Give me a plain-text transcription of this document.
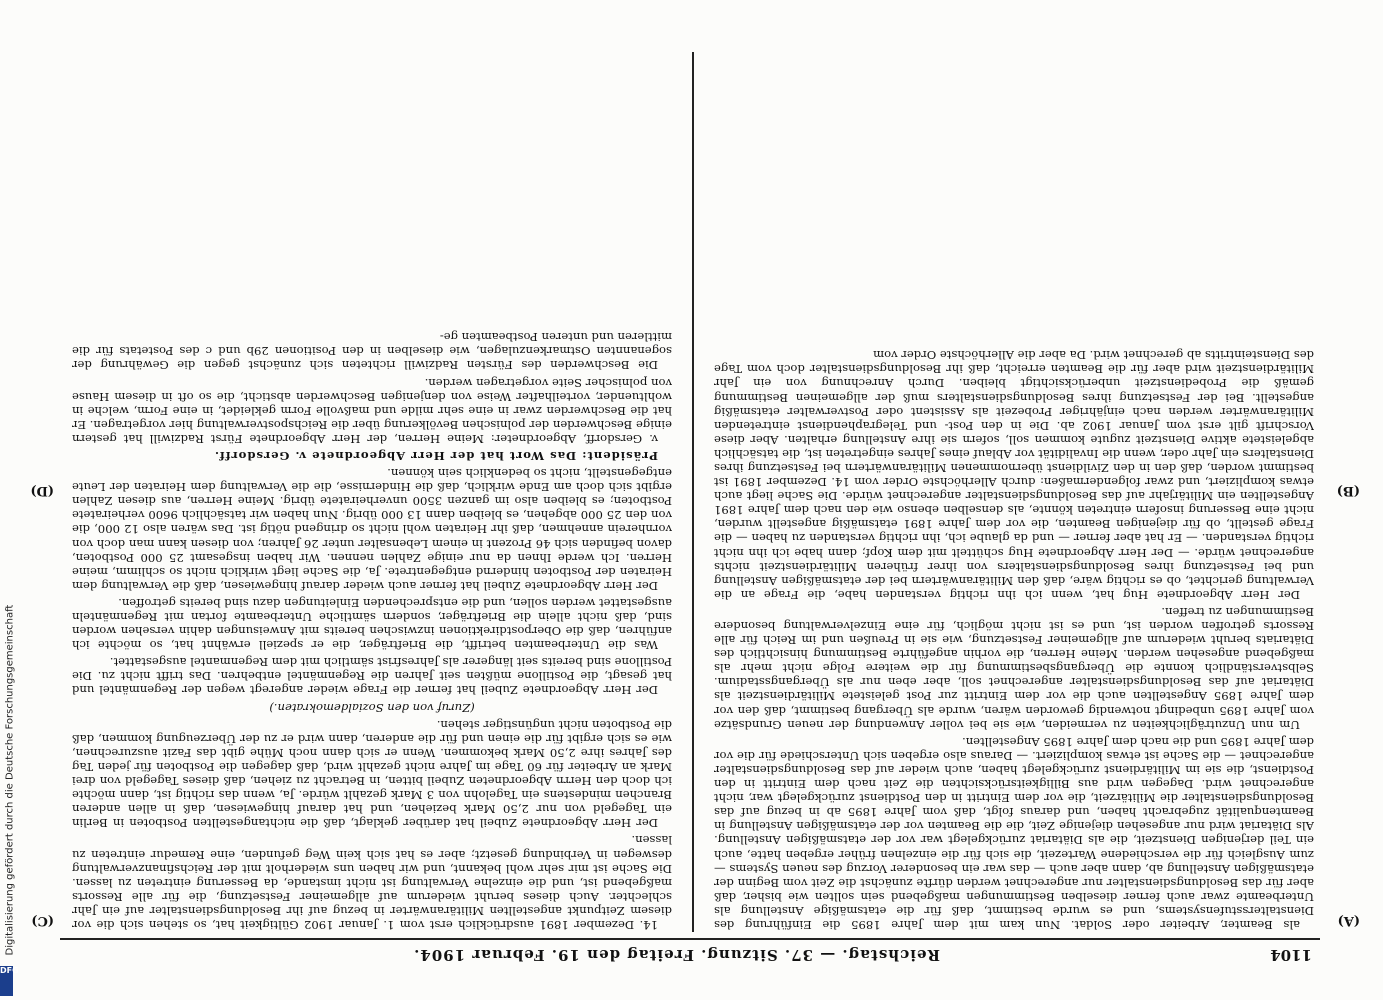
1104
Reichstag. — 37. Sitzung. Freitag den 19. Februar 1904.
(A)
(B)
(C)
(D)

als Beamter, Arbeiter oder Soldat. Nun kam mit dem Jahre 1895 die Einführung des Dienstaltersstufensystems, und es wurde bestimmt, daß für die etatsmäßige Anstellung als Unterbeamte zwar auch ferner dieselben Bestimmungen maßgebend sein sollten wie bisher, daß aber für das Besoldungsdienstalter nur angerechnet werden dürfte zunächst die Zeit vom Beginn der etatsmäßigen Anstellung ab, dann aber auch — das war ein besonderer Vorzug des neuen Systems — zum Ausgleich für die verschiedene Wartezeit, die sich für die einzelnen früher ergeben hatte, auch ein Teil derjenigen Dienstzeit, die als Diätariat zurückgelegt war vor der etatsmäßigen Anstellung. Als Diätariat wird nur angesehen diejenige Zeit, die die Beamten vor der etatsmäßigen Anstellung in Beamtenqualität zugebracht haben, und daraus folgt, daß vom Jahre 1895 ab in bezug auf das Besoldungsdienstalter die Militärzeit, die vor dem Eintritt in den Postdienst zurückgelegt war, nicht angerechnet wird. Dagegen wird aus Billigkeitsrücksichten die Zeit nach dem Eintritt in den Postdienst, die sie im Militärdienst zurückgelegt haben, auch wieder auf das Besoldungsdienstalter angerechnet — die Sache ist etwas kompliziert. — Daraus also ergeben sich Unterschiede für die vor dem Jahre 1895 und die nach dem Jahre 1895 Angestellten.

Um nun Unzuträglichkeiten zu vermeiden, wie sie bei voller Anwendung der neuen Grundsätze vom Jahre 1895 unbedingt notwendig geworden wären, wurde als Übergang bestimmt, daß den vor dem Jahre 1895 Angestellten auch die vor dem Eintritt zur Post geleistete Militärdienstzeit als Diätariat auf das Besoldungsdienstalter angerechnet soll, aber eben nur als Übergangsstadium. Selbstverständlich konnte die Übergangsbestimmung für die weitere Folge nicht mehr als maßgebend angesehen werden. Meine Herren, die vorhin angeführte Bestimmung hinsichtlich des Diätariats beruht wiederum auf allgemeiner Festsetzung, wie sie in Preußen und im Reich für alle Ressorts getroffen worden ist, und es ist nicht möglich, für eine Einzelverwaltung besondere Bestimmungen zu treffen.

Der Herr Abgeordnete Hug hat, wenn ich ihn richtig verstanden habe, die Frage an die Verwaltung gerichtet, ob es richtig wäre, daß den Militäranwärtern bei der etatsmäßigen Anstellung und bei Festsetzung ihres Besoldungsdienstalters von ihrer früheren Militärdienstzeit nichts angerechnet würde. — Der Herr Abgeordnete Hug schüttelt mit dem Kopf; dann habe ich ihn nicht richtig verstanden. — Er hat aber ferner — und da glaube ich, ihn richtig verstanden zu haben — die Frage gestellt, ob für diejenigen Beamten, die vor dem Jahre 1891 etatsmäßig angestellt wurden, nicht eine Besserung insofern eintreten könnte, als denselben ebenso wie den nach dem Jahre 1891 Angestellten ein Militärjahr auf das Besoldungsdienstalter angerechnet würde. Die Sache liegt auch etwas kompliziert, und zwar folgendermaßen: durch Allerhöchste Order vom 14. Dezember 1891 ist bestimmt worden, daß den in den Zivildienst übernommenen Militäranwärtern bei Festsetzung ihres Dienstalters ein Jahr oder, wenn die Invalidität vor Ablauf eines Jahres eingetreten ist, die tatsächlich abgeleistete aktive Dienstzeit zugute kommen soll, sofern sie ihre Anstellung erhalten. Aber diese Vorschrift gilt erst vom Januar 1902 ab. Die in den Post- und Telegraphendienst eintretenden Militäranwärter werden nach einjähriger Probezeit als Assistent oder Postverwalter etatsmäßig angestellt. Bei der Festsetzung ihres Besoldungsdienstalters muß der allgemeinen Bestimmung gemäß die Probedienstzeit unberücksichtigt bleiben. Durch Anrechnung von ein Jahr Militärdienstzeit wird aber für die Beamten erreicht, daß ihr Besoldungsdienstalter doch vom Tage des Diensteintritts ab gerechnet wird. Da aber die Allerhöchste Order vom

14. Dezember 1891 ausdrücklich erst vom 1. Januar 1902 Gültigkeit hat, so stehen sich die vor diesem Zeitpunkt angestellten Militäranwärter in bezug auf ihr Besoldungsdienstalter auf ein Jahr schlechter. Auch dieses beruht wiederum auf allgemeiner Festsetzung, die für alle Ressorts maßgebend ist, und die einzelne Verwaltung ist nicht imstande, da Besserung eintreten zu lassen. Die Sache ist mir sehr wohl bekannt, und wir haben uns wiederholt mit der Reichsfinanzverwaltung deswegen in Verbindung gesetzt; aber es hat sich kein Weg gefunden, eine Remedur eintreten zu lassen.

Der Herr Abgeordnete Zubeil hat darüber geklagt, daß die nichtangestellten Postboten in Berlin ein Tagegeld von nur 2,50 Mark beziehen, und hat darauf hingewiesen, daß in allen anderen Branchen mindestens ein Tagelohn von 3 Mark gezahlt würde. Ja, wenn das richtig ist, dann möchte ich doch den Herrn Abgeordneten Zubeil bitten, in Betracht zu ziehen, daß dieses Tagegeld von drei Mark an Arbeiter für 60 Tage im Jahre nicht gezahlt wird, daß dagegen die Postboten für jeden Tag des Jahres ihre 2,50 Mark bekommen. Wenn er sich dann noch Mühe gibt das Fazit auszurechnen, wie es sich ergibt für die einen und für die anderen, dann wird er zu der Überzeugung kommen, daß die Postboten nicht ungünstiger stehen.

(Zuruf von den Sozialdemokraten.)

Der Herr Abgeordnete Zubeil hat ferner die Frage wieder angeregt wegen der Regenmäntel und hat gesagt, die Postillone müßten seit Jahren die Regenmäntel entbehren. Das trifft nicht zu. Die Postillone sind bereits seit längerer als Jahresfrist sämtlich mit dem Regenmantel ausgestattet.

Was die Unterbeamten betrifft, die Briefträger, die er speziell erwähnt hat, so möchte ich anführen, daß die Oberpostdirektionen inzwischen bereits mit Anweisungen dahin versehen worden sind, daß nicht allein die Briefträger, sondern sämtliche Unterbeamte fortan mit Regenmänteln ausgestattet werden sollen, und die entsprechenden Einleitungen dazu sind bereits getroffen.

Der Herr Abgeordnete Zubeil hat ferner auch wieder darauf hingewiesen, daß die Verwaltung dem Heiraten der Postboten hindernd entgegentrete. Ja, die Sache liegt wirklich nicht so schlimm, meine Herren. Ich werde Ihnen da nur einige Zahlen nennen. Wir haben insgesamt 25 000 Postboten, davon befinden sich 46 Prozent in einem Lebensalter unter 26 Jahren; von diesen kann man doch von vornherein annehmen, daß ihr Heiraten wohl nicht so dringend nötig ist. Das wären also 12 000, die von den 25 000 abgehen, es bleiben dann 13 000 übrig. Nun haben wir tatsächlich 9600 verheiratete Postboten; es bleiben also im ganzen 3500 unverheiratete übrig. Meine Herren, aus diesen Zahlen ergibt sich doch am Ende wirklich, daß die Hindernisse, die die Verwaltung dem Heiraten der Leute entgegenstellt, nicht so bedenklich sein können.

Präsident: Das Wort hat der Herr Abgeordnete v. Gersdorff.

v. Gersdorff, Abgeordneter: Meine Herren, der Herr Abgeordnete Fürst Radziwill hat gestern einige Beschwerden der polnischen Bevölkerung über die Reichspostverwaltung hier vorgetragen. Er hat die Beschwerden zwar in eine sehr milde und maßvolle Form gekleidet, in eine Form, welche in wohltuender, vorteilhafter Weise von denjenigen Beschwerden absticht, die so oft in diesem Hause von polnischer Seite vorgetragen werden.

Die Beschwerden des Fürsten Radziwill richteten sich zunächst gegen die Gewährung der sogenannten Ostmarkenzulagen, wie dieselben in den Positionen 29b und c des Postetats für die mittleren und unteren Postbeamten ge-

Digitalisierung gefördert durch die Deutsche Forschungsgemeinschaft
DFG
